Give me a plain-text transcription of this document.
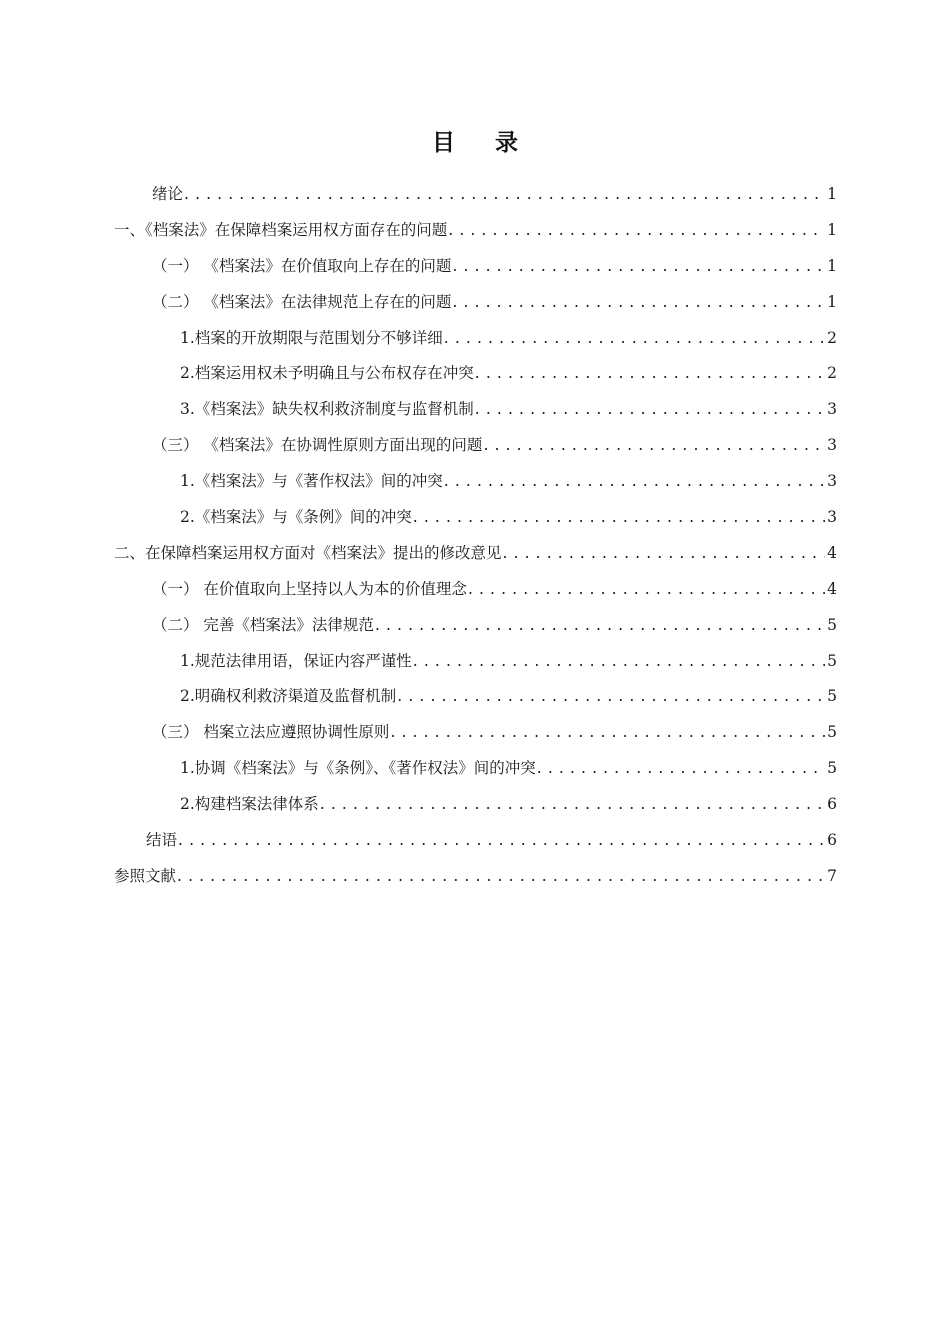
目 录
绪论 . . .	1
一、《档案法》在保障档案运用权方面存在的问题 . . .	1
（一） 《档案法》在价值取向上存在的问题 . . .	1
（二） 《档案法》在法律规范上存在的问题 . . .	1
1.档案的开放期限与范围划分不够详细 . . .	2
2.档案运用权未予明确且与公布权存在冲突 . . .	2
3.《档案法》缺失权利救济制度与监督机制 . . .	3
（三） 《档案法》在协调性原则方面出现的问题 . . .	3
1.《档案法》与《著作权法》间的冲突 . . .	3
2.《档案法》与《条例》间的冲突 . . .	3
二、在保障档案运用权方面对《档案法》提出的修改意见 . . .	4
（一） 在价值取向上坚持以人为本的价值理念 . . .	4
（二） 完善《档案法》法律规范 . . .	5
1.规范法律用语，保证内容严谨性 . . .	5
2.明确权利救济渠道及监督机制 . . .	5
（三） 档案立法应遵照协调性原则 . . .	5
1.协调《档案法》与《条例》、《著作权法》间的冲突 . . .	5
2.构建档案法律体系 . . .	6
结语 . . .	6
参照文献 . . .	7
